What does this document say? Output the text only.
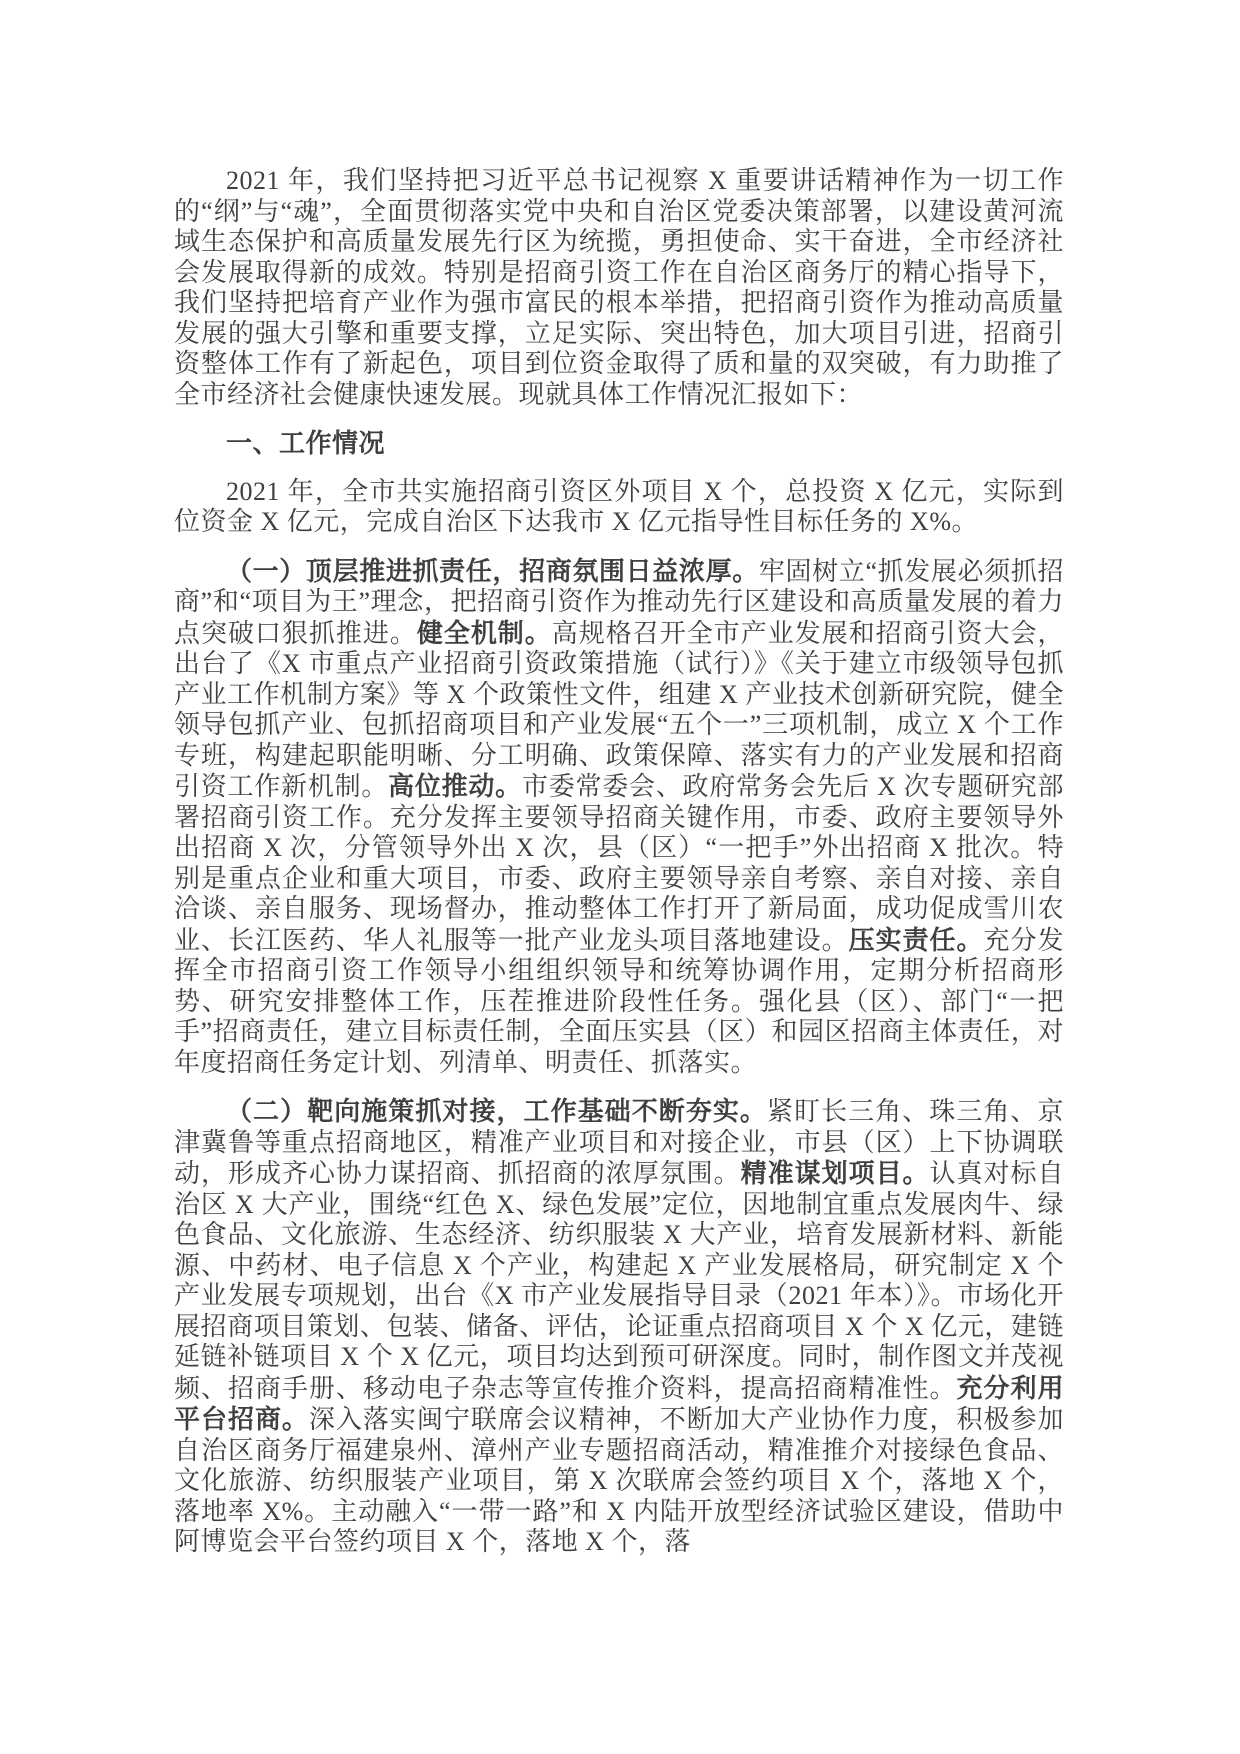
2021 年，我们坚持把习近平总书记视察 X 重要讲话精神作为一切工作的“纲”与“魂”，全面贯彻落实党中央和自治区党委决策部署，以建设黄河流域生态保护和高质量发展先行区为统揽，勇担使命、实干奋进，全市经济社会发展取得新的成效。特别是招商引资工作在自治区商务厅的精心指导下，我们坚持把培育产业作为强市富民的根本举措，把招商引资作为推动高质量发展的强大引擎和重要支撑，立足实际、突出特色，加大项目引进，招商引资整体工作有了新起色，项目到位资金取得了质和量的双突破，有力助推了全市经济社会健康快速发展。现就具体工作情况汇报如下：

一、工作情况

2021 年，全市共实施招商引资区外项目 X 个，总投资 X 亿元，实际到位资金 X 亿元，完成自治区下达我市 X 亿元指导性目标任务的 X%。

（一）顶层推进抓责任，招商氛围日益浓厚。牢固树立“抓发展必须抓招商”和“项目为王”理念，把招商引资作为推动先行区建设和高质量发展的着力点突破口狠抓推进。健全机制。高规格召开全市产业发展和招商引资大会，出台了《X 市重点产业招商引资政策措施（试行）》《关于建立市级领导包抓产业工作机制方案》等 X 个政策性文件，组建 X 产业技术创新研究院，健全领导包抓产业、包抓招商项目和产业发展“五个一”三项机制，成立 X 个工作专班，构建起职能明晰、分工明确、政策保障、落实有力的产业发展和招商引资工作新机制。高位推动。市委常委会、政府常务会先后 X 次专题研究部署招商引资工作。充分发挥主要领导招商关键作用，市委、政府主要领导外出招商 X 次，分管领导外出 X 次，县（区）“一把手”外出招商 X 批次。特别是重点企业和重大项目，市委、政府主要领导亲自考察、亲自对接、亲自洽谈、亲自服务、现场督办，推动整体工作打开了新局面，成功促成雪川农业、长江医药、华人礼服等一批产业龙头项目落地建设。压实责任。充分发挥全市招商引资工作领导小组组织领导和统筹协调作用，定期分析招商形势、研究安排整体工作，压茬推进阶段性任务。强化县（区）、部门“一把手”招商责任，建立目标责任制，全面压实县（区）和园区招商主体责任，对年度招商任务定计划、列清单、明责任、抓落实。

（二）靶向施策抓对接，工作基础不断夯实。紧盯长三角、珠三角、京津冀鲁等重点招商地区，精准产业项目和对接企业，市县（区）上下协调联动，形成齐心协力谋招商、抓招商的浓厚氛围。精准谋划项目。认真对标自治区 X 大产业，围绕“红色 X、绿色发展”定位，因地制宜重点发展肉牛、绿色食品、文化旅游、生态经济、纺织服装 X 大产业，培育发展新材料、新能源、中药材、电子信息 X 个产业，构建起 X 产业发展格局，研究制定 X 个产业发展专项规划，出台《X 市产业发展指导目录（2021 年本）》。市场化开展招商项目策划、包装、储备、评估，论证重点招商项目 X 个 X 亿元，建链延链补链项目 X 个 X 亿元，项目均达到预可研深度。同时，制作图文并茂视频、招商手册、移动电子杂志等宣传推介资料，提高招商精准性。充分利用平台招商。深入落实闽宁联席会议精神，不断加大产业协作力度，积极参加自治区商务厅福建泉州、漳州产业专题招商活动，精准推介对接绿色食品、文化旅游、纺织服装产业项目，第 X 次联席会签约项目 X 个，落地 X 个，落地率 X%。主动融入“一带一路”和 X 内陆开放型经济试验区建设，借助中阿博览会平台签约项目 X 个，落地 X 个，落
